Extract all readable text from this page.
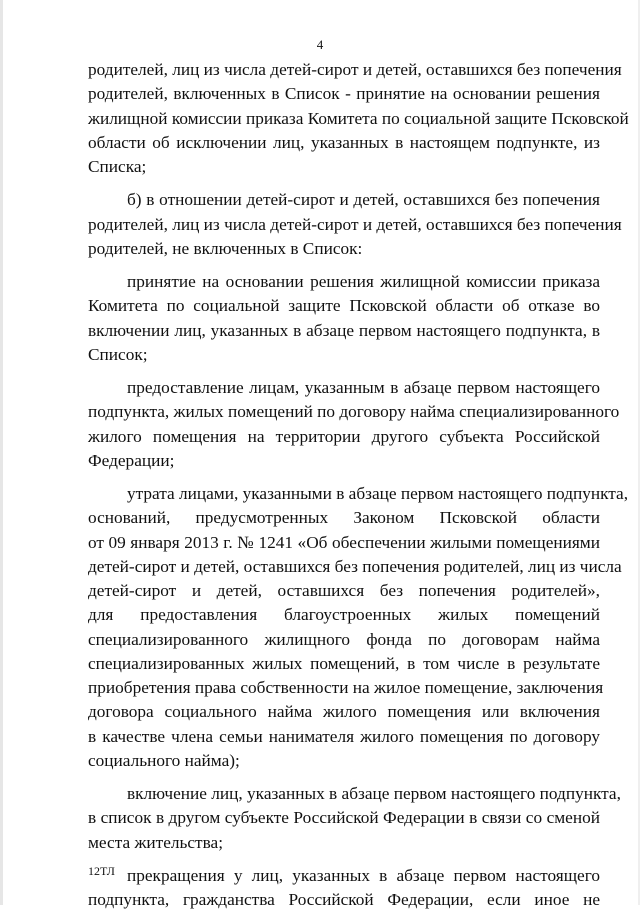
4
родителей, лиц из числа детей-сирот и детей, оставшихся без попечения
родителей, включенных в Список - принятие на основании решения
жилищной комиссии приказа Комитета по социальной защите Псковской
области об исключении лиц, указанных в настоящем подпункте, из
Списка;
б) в отношении детей-сирот и детей, оставшихся без попечения
родителей, лиц из числа детей-сирот и детей, оставшихся без попечения
родителей, не включенных в Список:
принятие на основании решения жилищной комиссии приказа
Комитета по социальной защите Псковской области об отказе во
включении лиц, указанных в абзаце первом настоящего подпункта, в
Список;
предоставление лицам, указанным в абзаце первом настоящего
подпункта, жилых помещений по договору найма специализированного
жилого помещения на территории другого субъекта Российской
Федерации;
утрата лицами, указанными в абзаце первом настоящего подпункта,
оснований, предусмотренных Законом Псковской области
от 09 января 2013 г. № 1241 «Об обеспечении жилыми помещениями
детей-сирот и детей, оставшихся без попечения родителей, лиц из числа
детей-сирот и детей, оставшихся без попечения родителей»,
для предоставления благоустроенных жилых помещений
специализированного жилищного фонда по договорам найма
специализированных жилых помещений, в том числе в результате
приобретения права собственности на жилое помещение, заключения
договора социального найма жилого помещения или включения
в качестве члена семьи нанимателя жилого помещения по договору
социального найма);
включение лиц, указанных в абзаце первом настоящего подпункта,
в список в другом субъекте Российской Федерации в связи со сменой
места жительства;
прекращения у лиц, указанных в абзаце первом настоящего
подпункта, гражданства Российской Федерации, если иное не
12ТЛ
